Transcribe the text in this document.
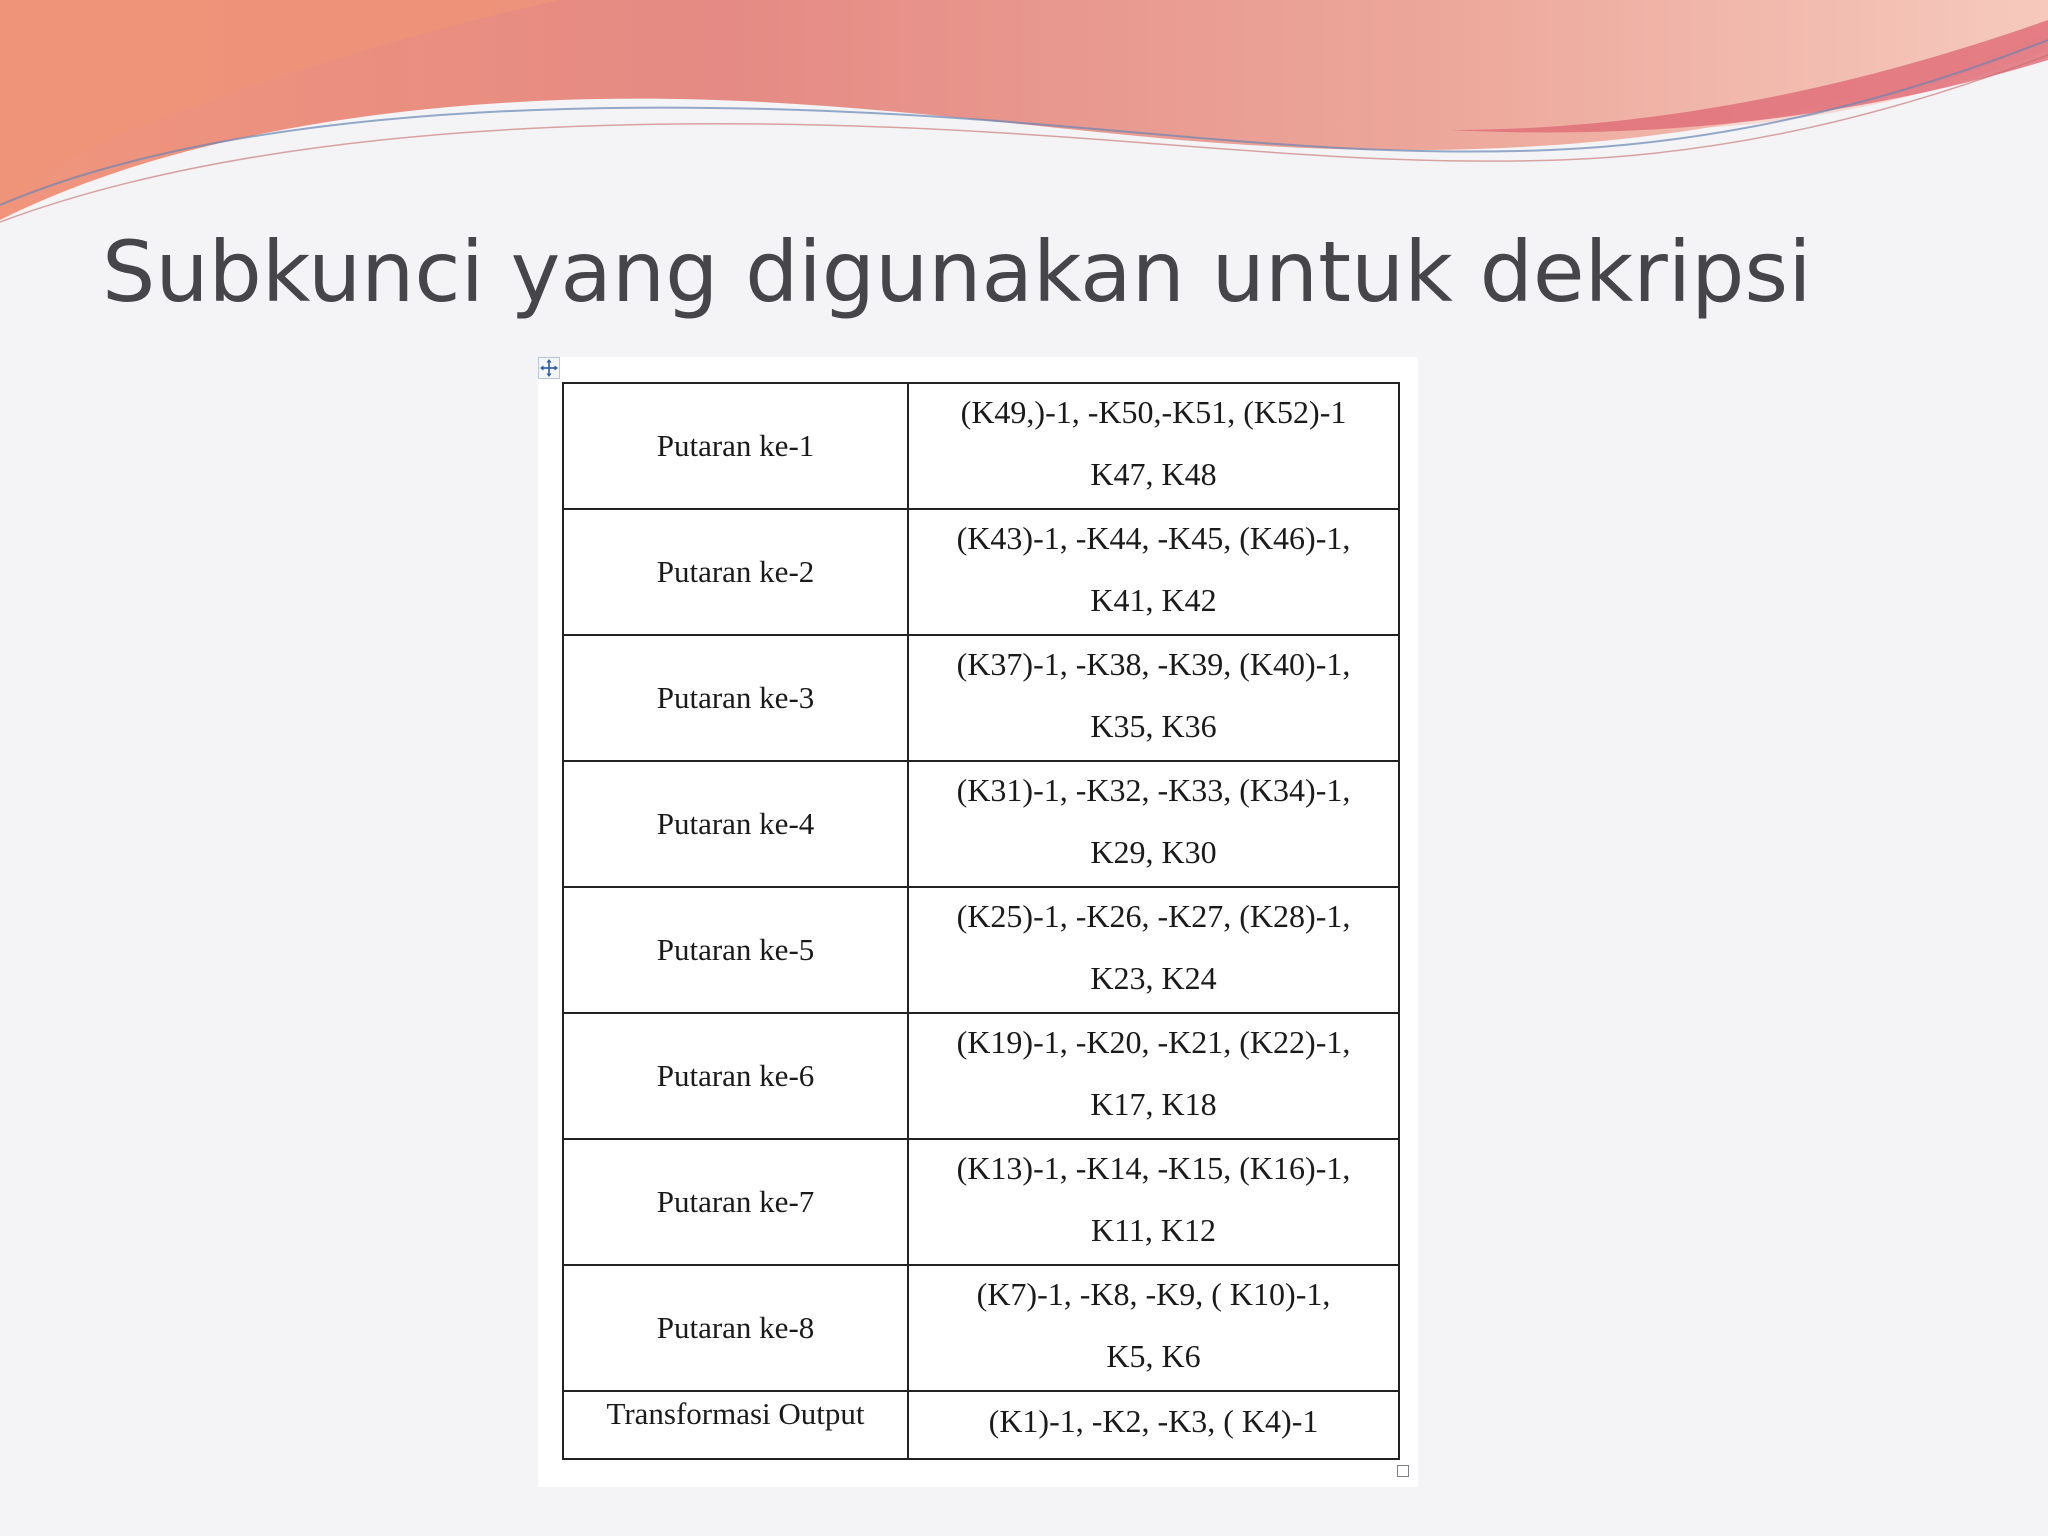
Subkunci yang digunakan untuk dekripsi
Putaran ke-1	(K49,)-1, -K50,-K51, (K52)-1
K47, K48

Putaran ke-2	(K43)-1, -K44, -K45, (K46)-1,
K41, K42

Putaran ke-3	(K37)-1, -K38, -K39, (K40)-1,
K35, K36

Putaran ke-4	(K31)-1, -K32, -K33, (K34)-1,
K29, K30

Putaran ke-5	(K25)-1, -K26, -K27, (K28)-1,
K23, K24

Putaran ke-6	(K19)-1, -K20, -K21, (K22)-1,
K17, K18

Putaran ke-7	(K13)-1, -K14, -K15, (K16)-1,
K11, K12

Putaran ke-8	(K7)-1, -K8, -K9, ( K10)-1,
K5, K6

Transformasi Output	(K1)-1, -K2, -K3, ( K4)-1
